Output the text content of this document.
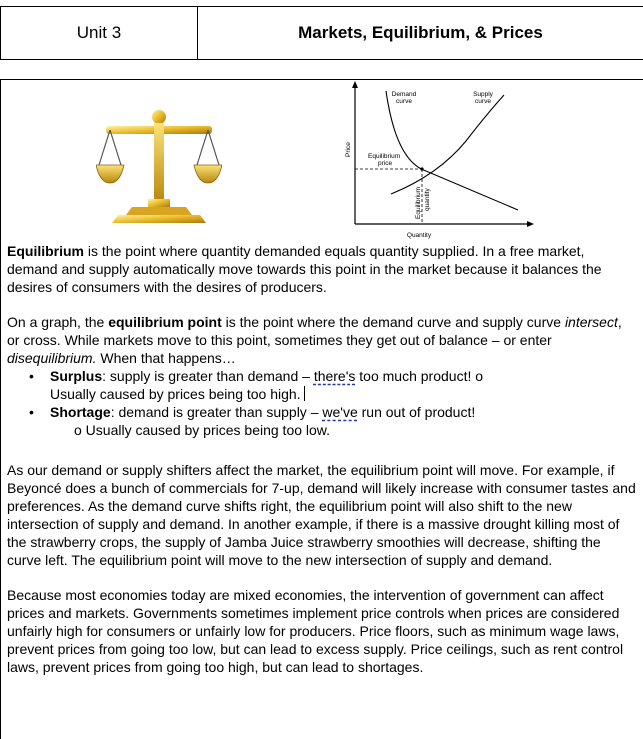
Unit 3	Markets, Equilibrium, & Prices
Demand
curve
Supply
curve
Equilibrium
price
Price
Equilibrium quantity
Quantity

Equilibrium is the point where quantity demanded equals quantity supplied. In a free market, demand and supply automatically move towards this point in the market because it balances the desires of consumers with the desires of producers.

On a graph, the equilibrium point is the point where the demand curve and supply curve intersect, or cross. While markets move to this point, sometimes they get out of balance – or enter disequilibrium. When that happens…

• Surplus: supply is greater than demand – there's too much product! o
Usually caused by prices being too high.
• Shortage: demand is greater than supply – we've run out of product!
o Usually caused by prices being too low.

As our demand or supply shifters affect the market, the equilibrium point will move. For example, if Beyoncé does a bunch of commercials for 7-up, demand will likely increase with consumer tastes and preferences. As the demand curve shifts right, the equilibrium point will also shift to the new intersection of supply and demand. In another example, if there is a massive drought killing most of the strawberry crops, the supply of Jamba Juice strawberry smoothies will decrease, shifting the curve left. The equilibrium point will move to the new intersection of supply and demand.

Because most economies today are mixed economies, the intervention of government can affect prices and markets. Governments sometimes implement price controls when prices are considered unfairly high for consumers or unfairly low for producers. Price floors, such as minimum wage laws, prevent prices from going too low, but can lead to excess supply. Price ceilings, such as rent control laws, prevent prices from going too high, but can lead to shortages.
